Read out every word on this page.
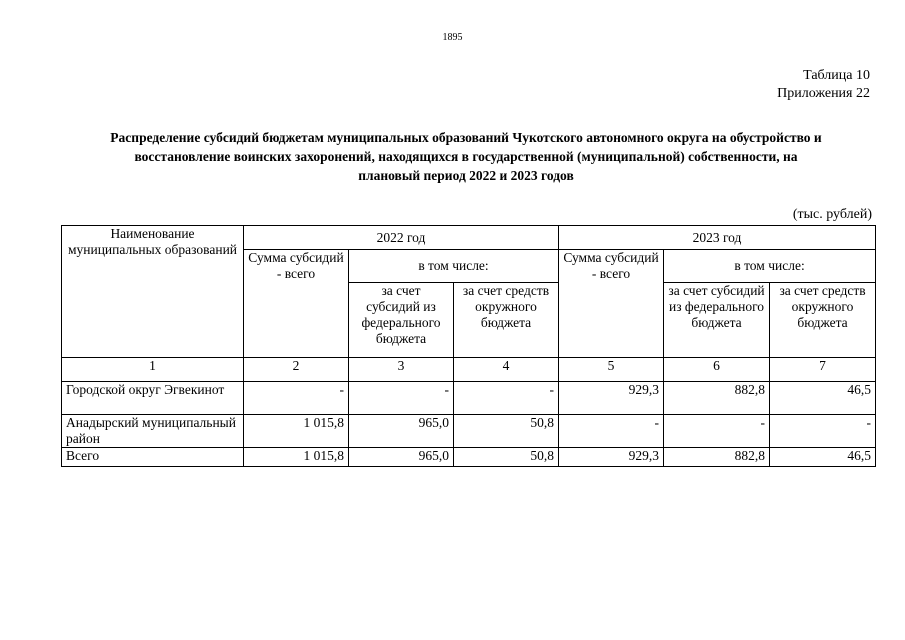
1895
Таблица 10
Приложения 22
Распределение субсидий бюджетам муниципальных образований Чукотского автономного округа на обустройство и
восстановление воинских захоронений, находящихся в государственной (муниципальной) собственности, на
плановый период 2022 и 2023 годов
(тыс. рублей)
Наименование муниципальных образований	2022 год			2023 год		
	Сумма субсидий - всего	в том числе:		Сумма субсидий - всего	в том числе:	
		за счет субсидий из федерального бюджета	за счет средств окружного бюджета		за счет субсидий из федерального бюджета	за счет средств окружного бюджета
1	2	3	4	5	6	7
Городской округ Эгвекинот	-	-	-	929,3	882,8	46,5
Анадырский муниципальный район	1 015,8	965,0	50,8	-	-	-
Всего	1 015,8	965,0	50,8	929,3	882,8	46,5
